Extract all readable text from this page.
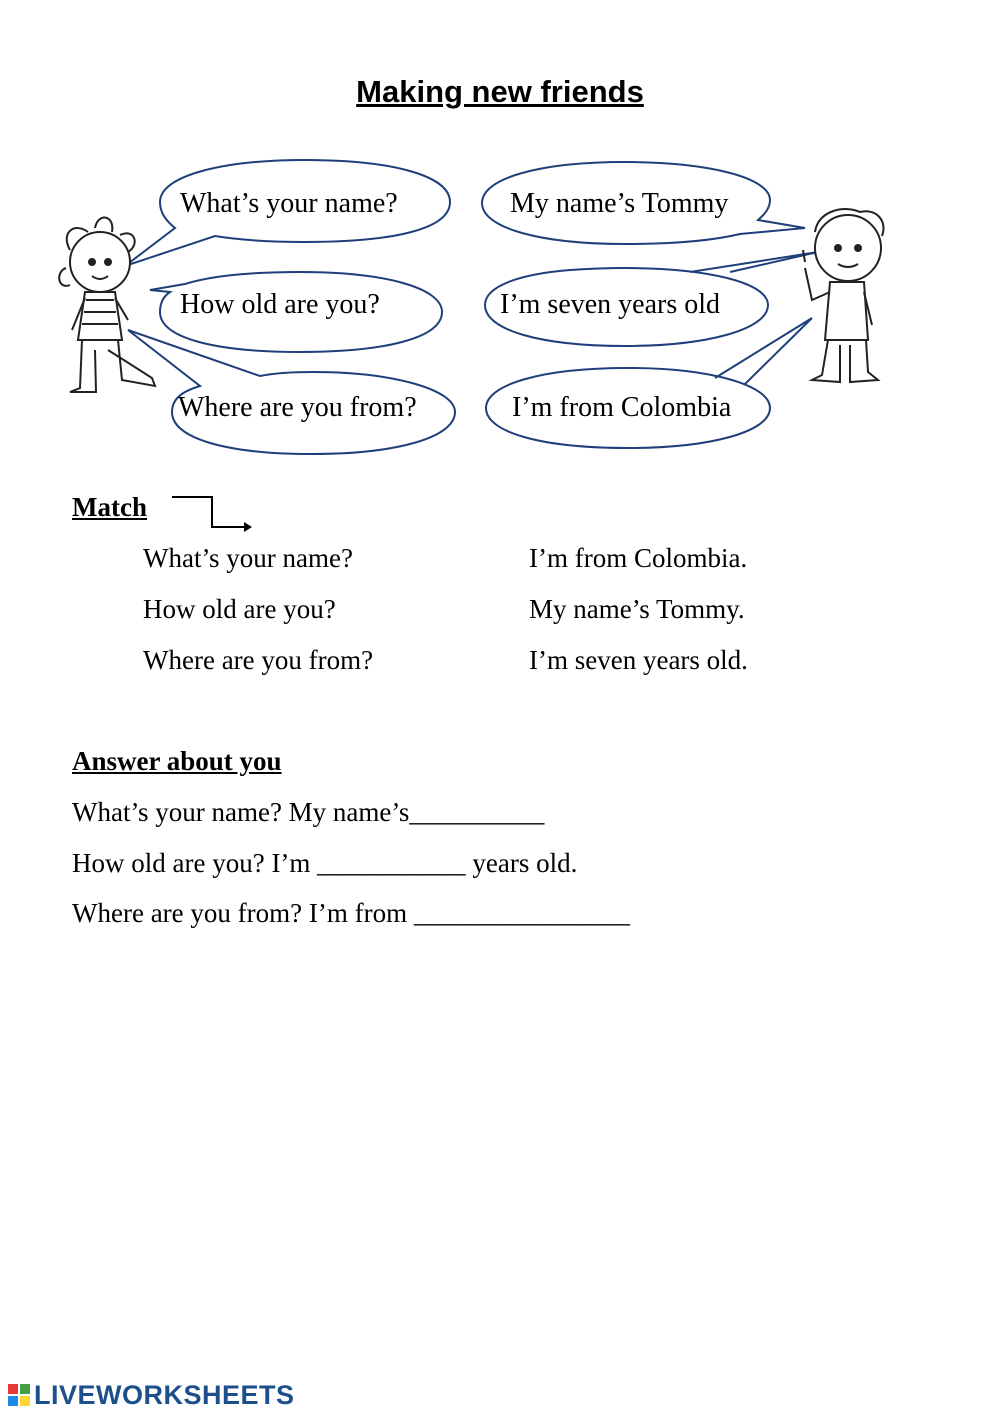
Making new friends
What’s your name?
How old are you?
Where are you from?
My name’s Tommy
I’m seven years old
I’m from Colombia
Match
What’s your name?
How old are you?
Where are you from?
I’m from Colombia.
My name’s Tommy.
I’m seven years old.
Answer about you
What’s your name? My name’s__________
How old are you? I’m ___________ years old.
Where are you from? I’m from ________________
LIVEWORKSHEETS
